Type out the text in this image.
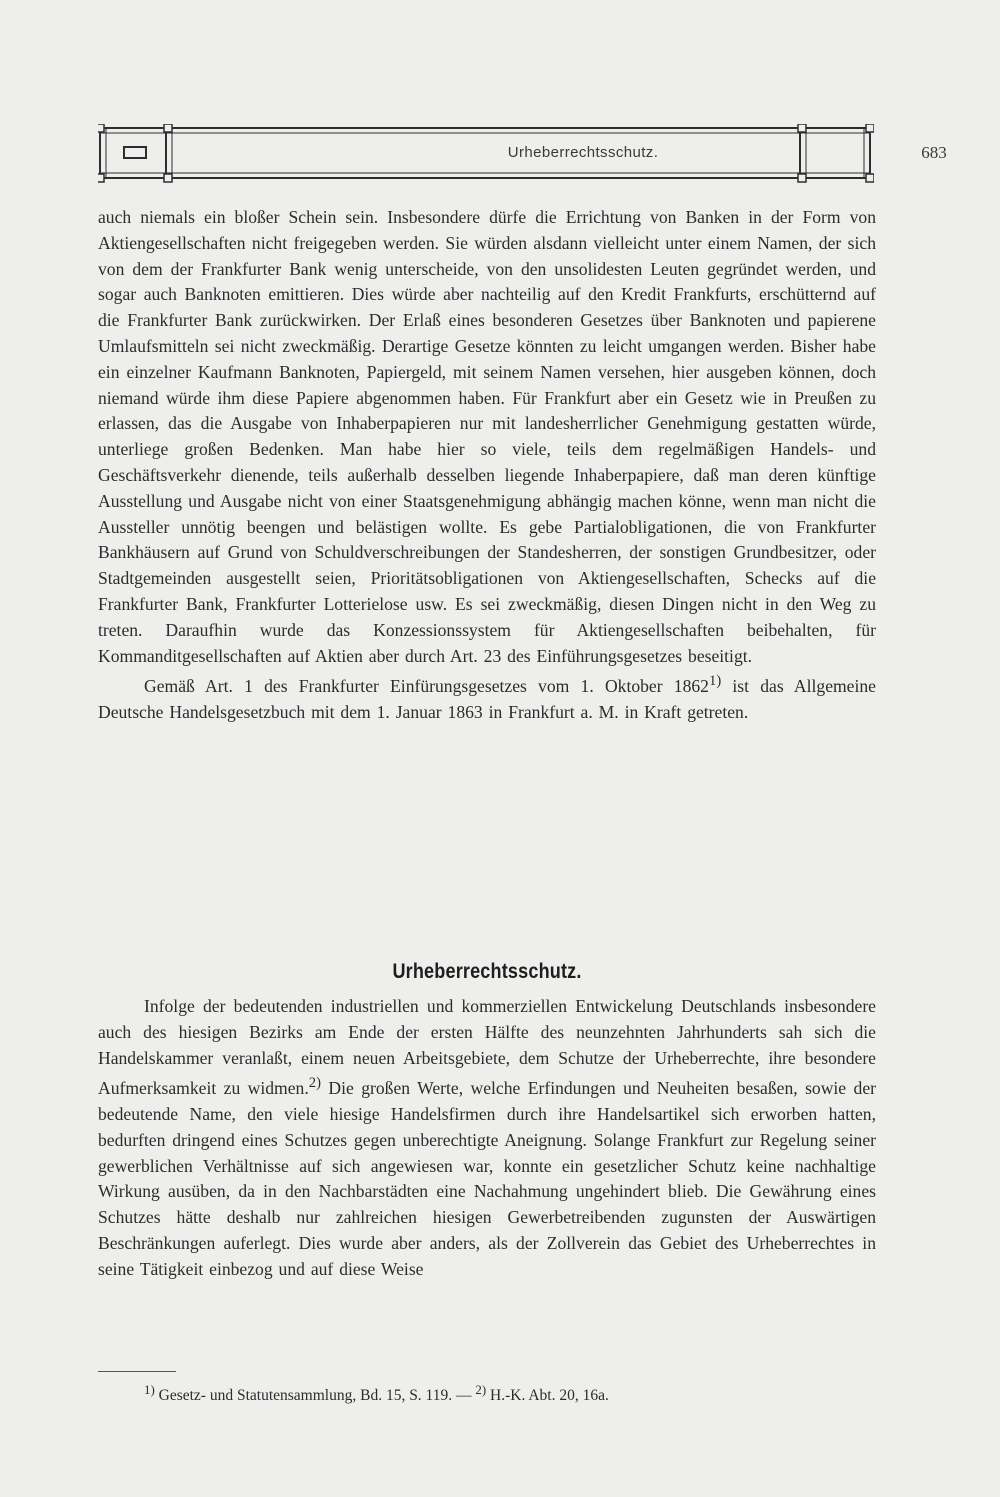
Urheberrechtsschutz.	683

auch niemals ein bloßer Schein sein. Insbesondere dürfe die Errichtung von Banken in der Form von Aktiengesellschaften nicht freigegeben werden. Sie würden alsdann vielleicht unter einem Namen, der sich von dem der Frankfurter Bank wenig unterscheide, von den unsolidesten Leuten gegründet werden, und sogar auch Banknoten emittieren. Dies würde aber nachteilig auf den Kredit Frankfurts, erschütternd auf die Frankfurter Bank zurückwirken. Der Erlaß eines besonderen Gesetzes über Banknoten und papierene Umlaufsmitteln sei nicht zweckmäßig. Derartige Gesetze könnten zu leicht umgangen werden. Bisher habe ein einzelner Kaufmann Banknoten, Papiergeld, mit seinem Namen versehen, hier ausgeben können, doch niemand würde ihm diese Papiere abgenommen haben. Für Frankfurt aber ein Gesetz wie in Preußen zu erlassen, das die Ausgabe von Inhaberpapieren nur mit landesherrlicher Genehmigung gestatten würde, unterliege großen Bedenken. Man habe hier so viele, teils dem regelmäßigen Handels- und Geschäftsverkehr dienende, teils außerhalb desselben liegende Inhaberpapiere, daß man deren künftige Ausstellung und Ausgabe nicht von einer Staatsgenehmigung abhängig machen könne, wenn man nicht die Aussteller unnötig beengen und belästigen wollte. Es gebe Partialobligationen, die von Frankfurter Bankhäusern auf Grund von Schuldverschreibungen der Standesherren, der sonstigen Grundbesitzer, oder Stadtgemeinden ausgestellt seien, Prioritätsobligationen von Aktiengesellschaften, Schecks auf die Frankfurter Bank, Frankfurter Lotterielose usw. Es sei zweckmäßig, diesen Dingen nicht in den Weg zu treten. Daraufhin wurde das Konzessionssystem für Aktiengesellschaften beibehalten, für Kommanditgesellschaften auf Aktien aber durch Art. 23 des Einführungsgesetzes beseitigt.

Gemäß Art. 1 des Frankfurter Einfürungsgesetzes vom 1. Oktober 1862$^{1)}$ ist das Allgemeine Deutsche Handelsgesetzbuch mit dem 1. Januar 1863 in Frankfurt a. M. in Kraft getreten.

Urheberrechtsschutz.

Infolge der bedeutenden industriellen und kommerziellen Entwickelung Deutschlands insbesondere auch des hiesigen Bezirks am Ende der ersten Hälfte des neunzehnten Jahrhunderts sah sich die Handelskammer veranlaßt, einem neuen Arbeitsgebiete, dem Schutze der Urheberrechte, ihre besondere Aufmerksamkeit zu widmen.$^{2)}$ Die großen Werte, welche Erfindungen und Neuheiten besaßen, sowie der bedeutende Name, den viele hiesige Handelsfirmen durch ihre Handelsartikel sich erworben hatten, bedurften dringend eines Schutzes gegen unberechtigte Aneignung. Solange Frankfurt zur Regelung seiner gewerblichen Verhältnisse auf sich angewiesen war, konnte ein gesetzlicher Schutz keine nachhaltige Wirkung ausüben, da in den Nachbarstädten eine Nachahmung ungehindert blieb. Die Gewährung eines Schutzes hätte deshalb nur zahlreichen hiesigen Gewerbetreibenden zugunsten der Auswärtigen Beschränkungen auferlegt. Dies wurde aber anders, als der Zollverein das Gebiet des Urheberrechtes in seine Tätigkeit einbezog und auf diese Weise

$^{1)}$ Gesetz- und Statutensammlung, Bd. 15, S. 119. — $^{2)}$ H.-K. Abt. 20, 16a.
